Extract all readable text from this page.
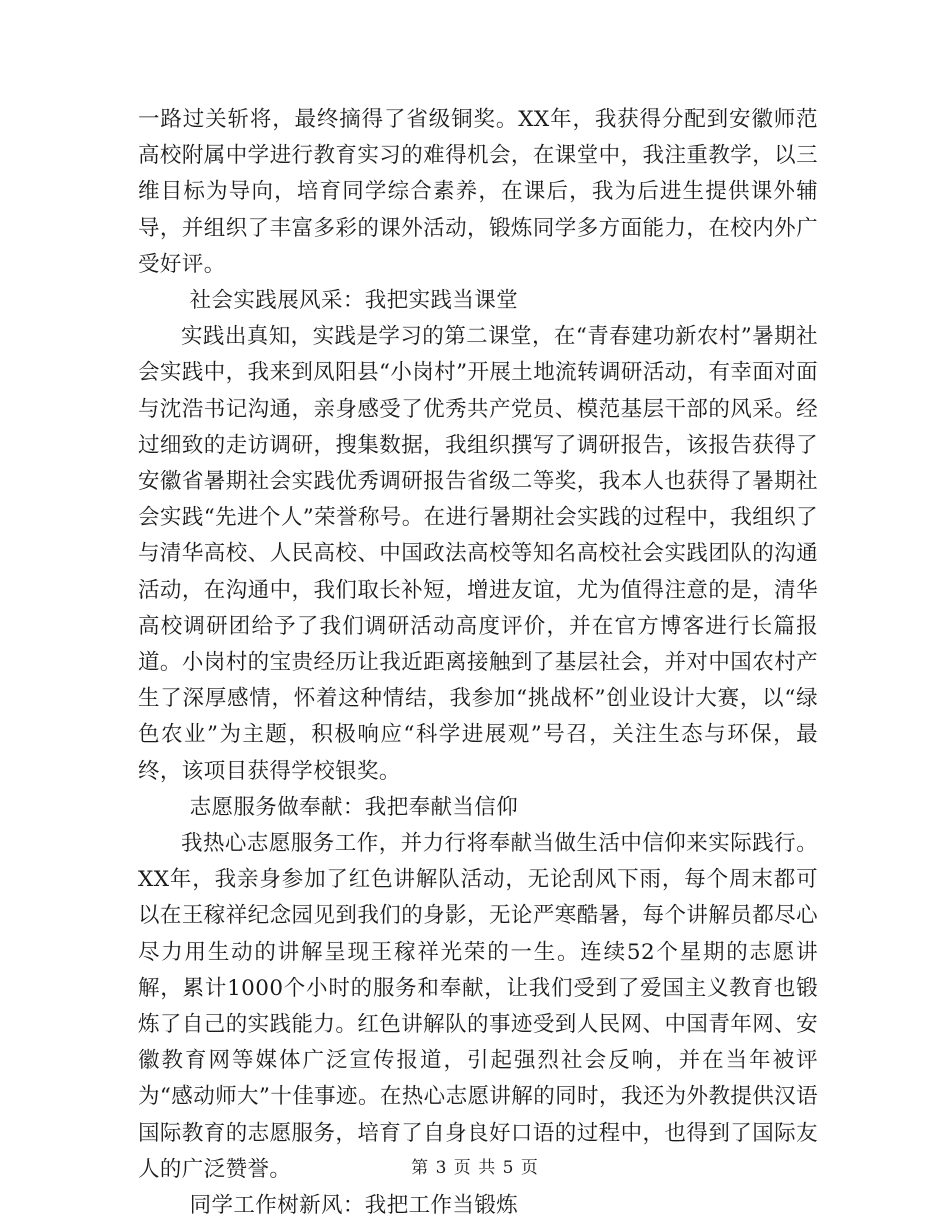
一路过关斩将，最终摘得了省级铜奖。XX年，我获得分配到安徽师范高校附属中学进行教育实习的难得机会，在课堂中，我注重教学，以三维目标为导向，培育同学综合素养，在课后，我为后进生提供课外辅导，并组织了丰富多彩的课外活动，锻炼同学多方面能力，在校内外广受好评。

社会实践展风采：我把实践当课堂

实践出真知，实践是学习的第二课堂，在“青春建功新农村”暑期社会实践中，我来到凤阳县“小岗村”开展土地流转调研活动，有幸面对面与沈浩书记沟通，亲身感受了优秀共产党员、模范基层干部的风采。经过细致的走访调研，搜集数据，我组织撰写了调研报告，该报告获得了安徽省暑期社会实践优秀调研报告省级二等奖，我本人也获得了暑期社会实践“先进个人”荣誉称号。在进行暑期社会实践的过程中，我组织了与清华高校、人民高校、中国政法高校等知名高校社会实践团队的沟通活动，在沟通中，我们取长补短，增进友谊，尤为值得注意的是，清华高校调研团给予了我们调研活动高度评价，并在官方博客进行长篇报道。小岗村的宝贵经历让我近距离接触到了基层社会，并对中国农村产生了深厚感情，怀着这种情结，我参加“挑战杯”创业设计大赛，以“绿色农业”为主题，积极响应“科学进展观”号召，关注生态与环保，最终，该项目获得学校银奖。

志愿服务做奉献：我把奉献当信仰

我热心志愿服务工作，并力行将奉献当做生活中信仰来实际践行。XX年，我亲身参加了红色讲解队活动，无论刮风下雨，每个周末都可以在王稼祥纪念园见到我们的身影，无论严寒酷暑，每个讲解员都尽心尽力用生动的讲解呈现王稼祥光荣的一生。连续52个星期的志愿讲解，累计1000个小时的服务和奉献，让我们受到了爱国主义教育也锻炼了自己的实践能力。红色讲解队的事迹受到人民网、中国青年网、安徽教育网等媒体广泛宣传报道，引起强烈社会反响，并在当年被评为“感动师大”十佳事迹。在热心志愿讲解的同时，我还为外教提供汉语国际教育的志愿服务，培育了自身良好口语的过程中，也得到了国际友人的广泛赞誉。

同学工作树新风：我把工作当锻炼

第 3 页 共 5 页
